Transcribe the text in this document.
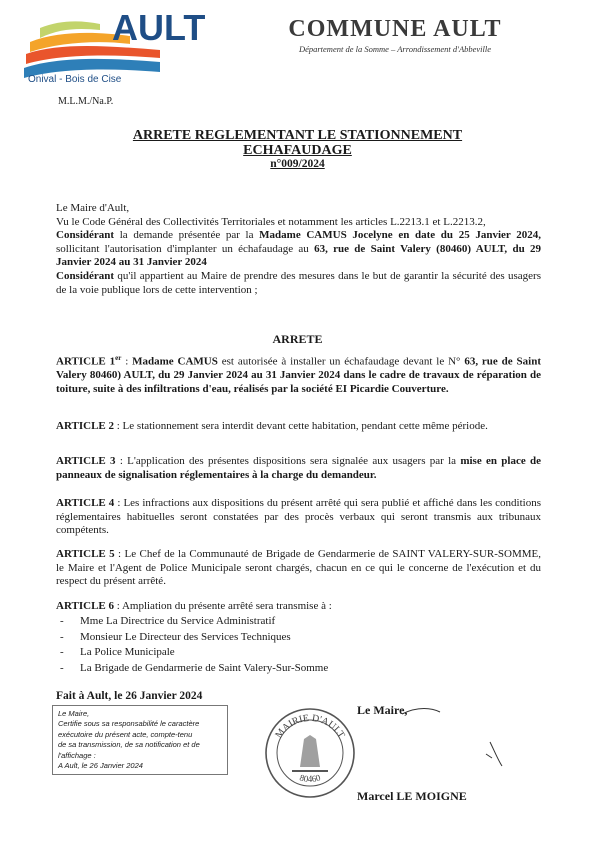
AULT
Onival - Bois de Cise
COMMUNE AULT
Département de la Somme – Arrondissement d'Abbeville
M.L.M./Na.P.
ARRETE REGLEMENTANT LE STATIONNEMENT
ECHAFAUDAGE
n°009/2024
Le Maire d'Ault,
Vu le Code Général des Collectivités Territoriales et notamment les articles L.2213.1 et L.2213.2,
Considérant la demande présentée par la Madame CAMUS Jocelyne en date du 25 Janvier 2024, sollicitant l'autorisation d'implanter un échafaudage au 63, rue de Saint Valery (80460) AULT, du 29 Janvier 2024 au 31 Janvier 2024
Considérant qu'il appartient au Maire de prendre des mesures dans le but de garantir la sécurité des usagers de la voie publique lors de cette intervention ;
ARRETE
ARTICLE 1er : Madame CAMUS est autorisée à installer un échafaudage devant le N° 63, rue de Saint Valery 80460) AULT, du 29 Janvier 2024 au 31 Janvier 2024 dans le cadre de travaux de réparation de toiture, suite à des infiltrations d'eau, réalisés par la société EI Picardie Couverture.
ARTICLE 2 : Le stationnement sera interdit devant cette habitation, pendant cette même période.
ARTICLE 3 : L'application des présentes dispositions sera signalée aux usagers par la mise en place de panneaux de signalisation réglementaires à la charge du demandeur.
ARTICLE 4 : Les infractions aux dispositions du présent arrêté qui sera publié et affiché dans les conditions réglementaires habituelles seront constatées par des procès verbaux qui seront transmis aux tribunaux compétents.
ARTICLE 5 : Le Chef de la Communauté de Brigade de Gendarmerie de SAINT VALERY-SUR-SOMME, le Maire et l'Agent de Police Municipale seront chargés, chacun en ce qui le concerne de l'exécution et du respect du présent arrêté.
ARTICLE 6 : Ampliation du présente arrêté sera transmise à :
- Mme La Directrice du Service Administratif
- Monsieur Le Directeur des Services Techniques
- La Police Municipale
- La Brigade de Gendarmerie de Saint Valery-Sur-Somme
Fait à Ault, le 26 Janvier 2024
Le Maire,
Certifie sous sa responsabilité le caractère
exécutoire du présent acte, compte-tenu
de sa transmission, de sa notification et de
l'affichage :
A Ault, le 26 Janvier 2024
MAIRIE D'AULT
80460
Le Maire,
Marcel LE MOIGNE
